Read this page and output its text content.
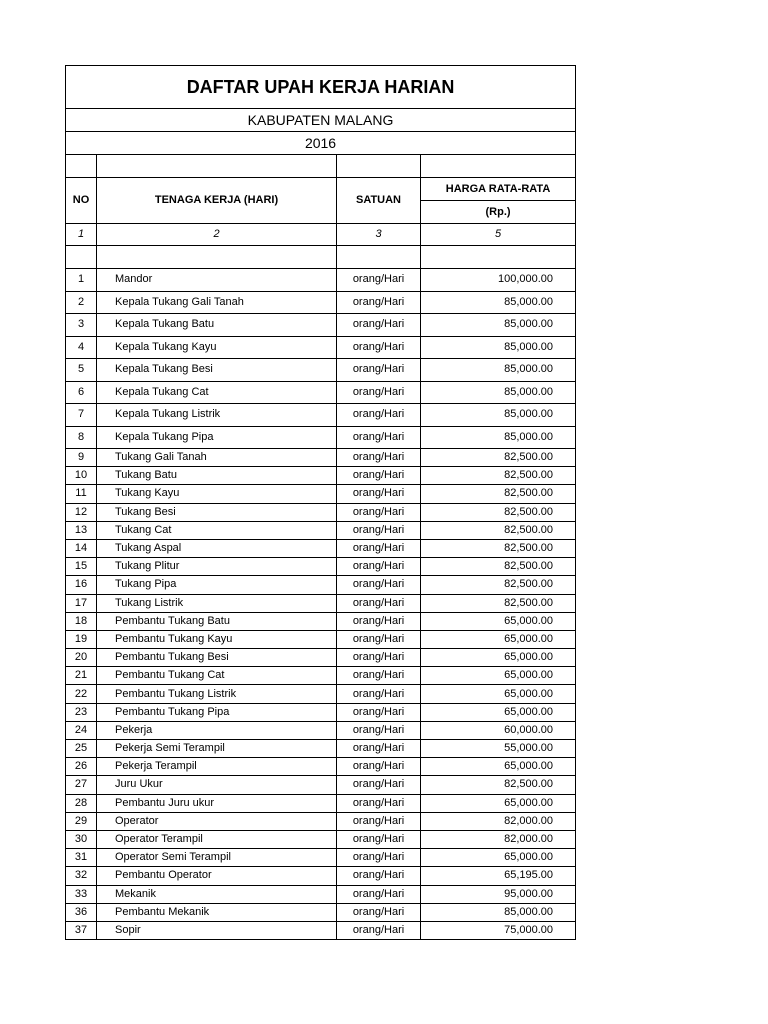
DAFTAR UPAH KERJA HARIAN			
KABUPATEN MALANG			
2016			

NO	TENAGA KERJA (HARI)	SATUAN	HARGA RATA-RATA
			(Rp.)
1	2	3	5

1	Mandor	orang/Hari	100,000.00
2	Kepala Tukang Gali Tanah	orang/Hari	85,000.00
3	Kepala Tukang Batu	orang/Hari	85,000.00
4	Kepala Tukang Kayu	orang/Hari	85,000.00
5	Kepala Tukang Besi	orang/Hari	85,000.00
6	Kepala Tukang Cat	orang/Hari	85,000.00
7	Kepala Tukang Listrik	orang/Hari	85,000.00
8	Kepala Tukang Pipa	orang/Hari	85,000.00
9	Tukang Gali Tanah	orang/Hari	82,500.00
10	Tukang Batu	orang/Hari	82,500.00
11	Tukang Kayu	orang/Hari	82,500.00
12	Tukang Besi	orang/Hari	82,500.00
13	Tukang Cat	orang/Hari	82,500.00
14	Tukang Aspal	orang/Hari	82,500.00
15	Tukang Plitur	orang/Hari	82,500.00
16	Tukang Pipa	orang/Hari	82,500.00
17	Tukang Listrik	orang/Hari	82,500.00
18	Pembantu Tukang Batu	orang/Hari	65,000.00
19	Pembantu Tukang Kayu	orang/Hari	65,000.00
20	Pembantu Tukang Besi	orang/Hari	65,000.00
21	Pembantu Tukang Cat	orang/Hari	65,000.00
22	Pembantu Tukang Listrik	orang/Hari	65,000.00
23	Pembantu Tukang Pipa	orang/Hari	65,000.00
24	Pekerja	orang/Hari	60,000.00
25	Pekerja Semi Terampil	orang/Hari	55,000.00
26	Pekerja Terampil	orang/Hari	65,000.00
27	Juru Ukur	orang/Hari	82,500.00
28	Pembantu Juru ukur	orang/Hari	65,000.00
29	Operator	orang/Hari	82,000.00
30	Operator Terampil	orang/Hari	82,000.00
31	Operator Semi Terampil	orang/Hari	65,000.00
32	Pembantu Operator	orang/Hari	65,195.00
33	Mekanik	orang/Hari	95,000.00
36	Pembantu Mekanik	orang/Hari	85,000.00
37	Sopir	orang/Hari	75,000.00
